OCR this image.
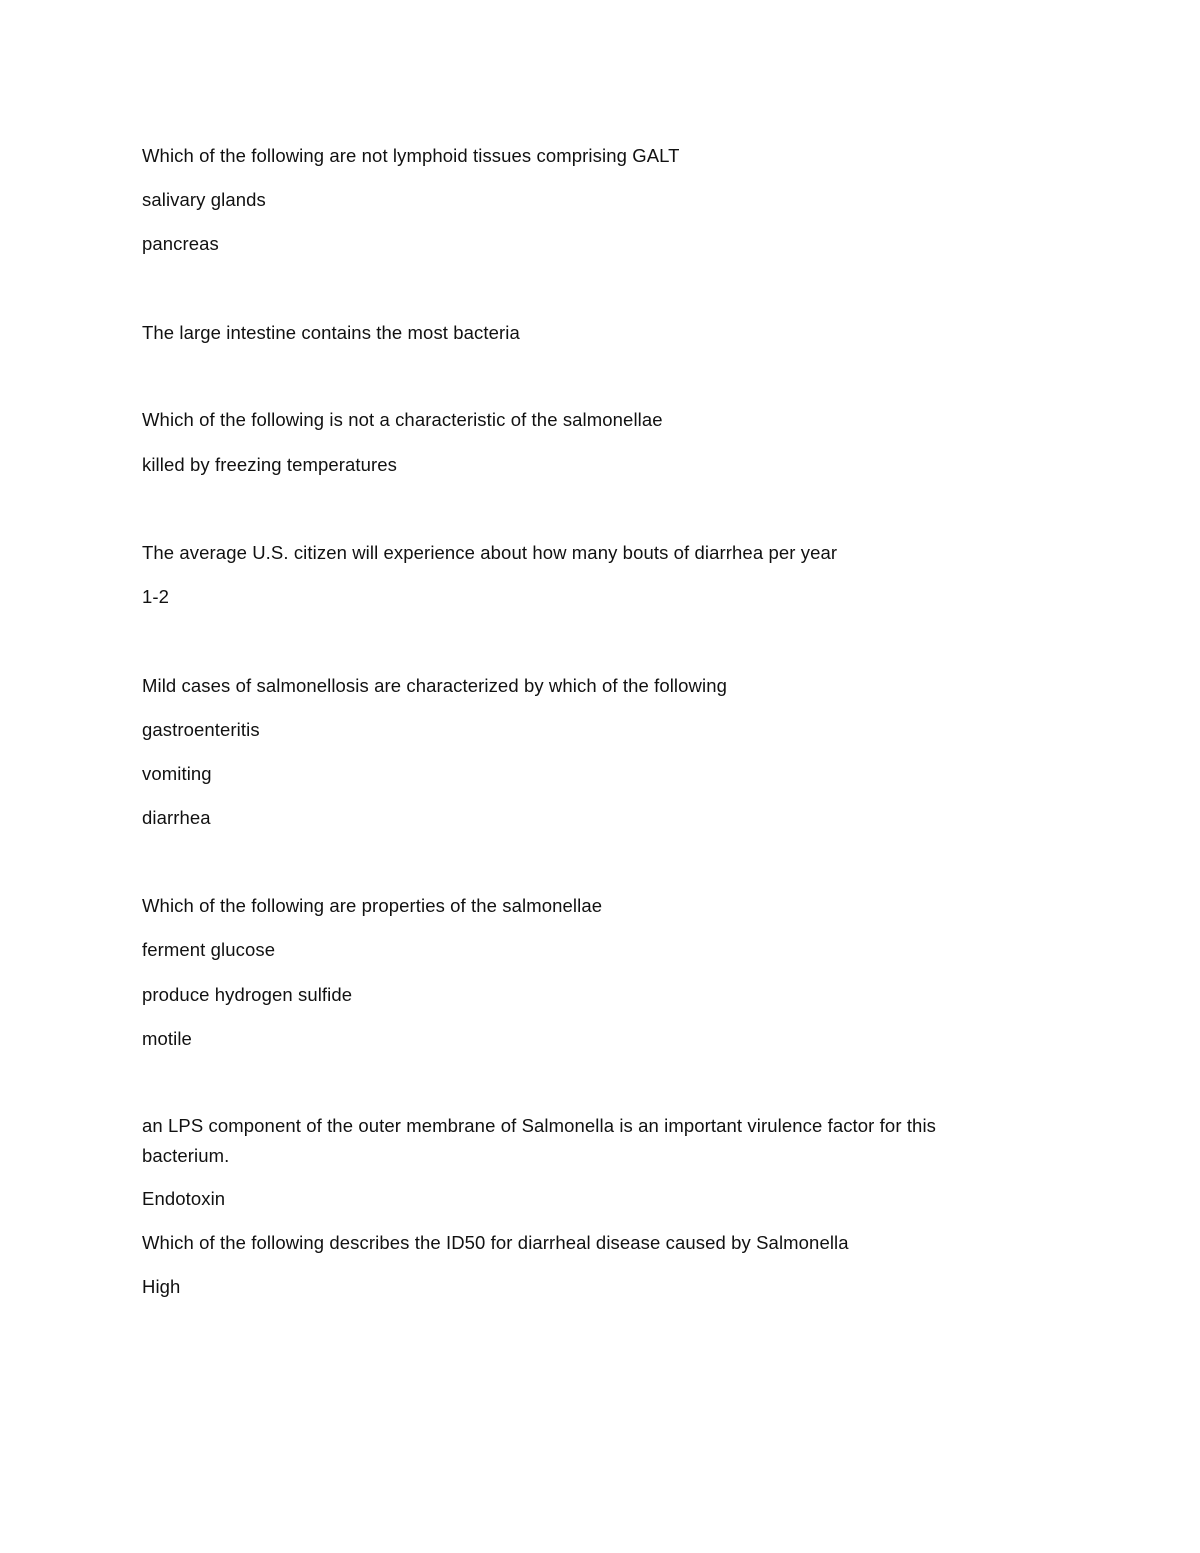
Which of the following are not lymphoid tissues comprising GALT
salivary glands
pancreas
The large intestine contains the most bacteria
Which of the following is not a characteristic of the salmonellae
killed by freezing temperatures
The average U.S. citizen will experience about how many bouts of diarrhea per year
1-2
Mild cases of salmonellosis are characterized by which of the following
gastroenteritis
vomiting
diarrhea
Which of the following are properties of the salmonellae
ferment glucose
produce hydrogen sulfide
motile
an LPS component of the outer membrane of Salmonella is an important virulence factor for this bacterium.
Endotoxin
Which of the following describes the ID50 for diarrheal disease caused by Salmonella
High
